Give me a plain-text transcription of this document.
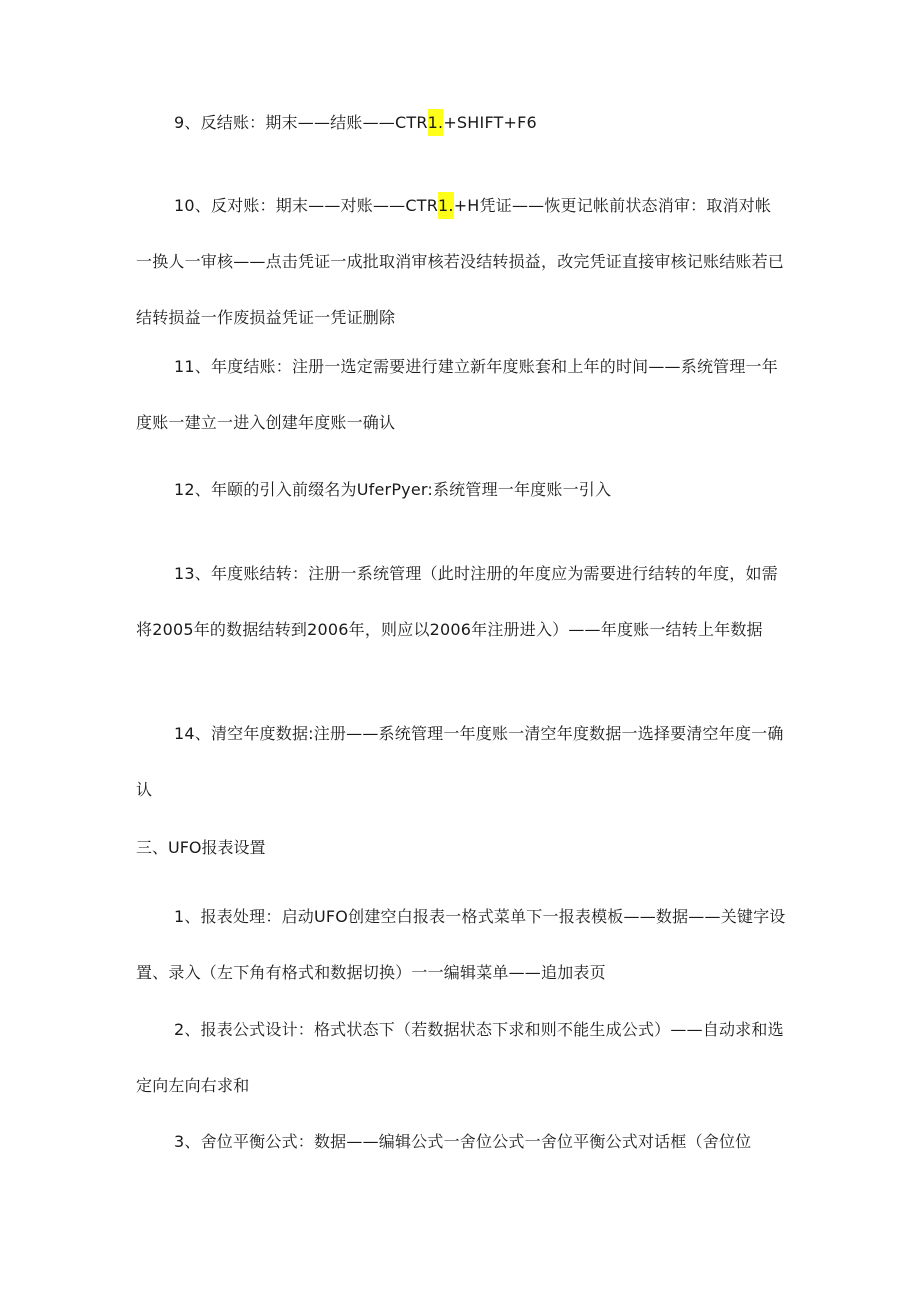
9、反结账：期末——结账——CTR1.+SHIFT+F6

10、反对账：期末——对账——CTR1.+H凭证——恢更记帐前状态消审：取消对帐一换人一审核——点击凭证一成批取消审核若没结转损益，改完凭证直接审核记账结账若已结转损益一作废损益凭证一凭证删除

11、年度结账：注册一选定需要进行建立新年度账套和上年的时间——系统管理一年度账一建立一进入创建年度账一确认

12、年颐的引入前缀名为UferPyer:系统管理一年度账一引入

13、年度账结转：注册一系统管理（此时注册的年度应为需要进行结转的年度，如需将2005年的数据结转到2006年，则应以2006年注册进入）——年度账一结转上年数据

14、清空年度数据:注册——系统管理一年度账一清空年度数据一选择要清空年度一确认

三、UFO报表设置

1、报表处理：启动UFO创建空白报表一格式菜单下一报表模板——数据——关键字设置、录入（左下角有格式和数据切换）一一编辑菜单——追加表页

2、报表公式设计：格式状态下（若数据状态下求和则不能生成公式）——自动求和选定向左向右求和

3、舍位平衡公式：数据——编辑公式一舍位公式一舍位平衡公式对话框（舍位位
